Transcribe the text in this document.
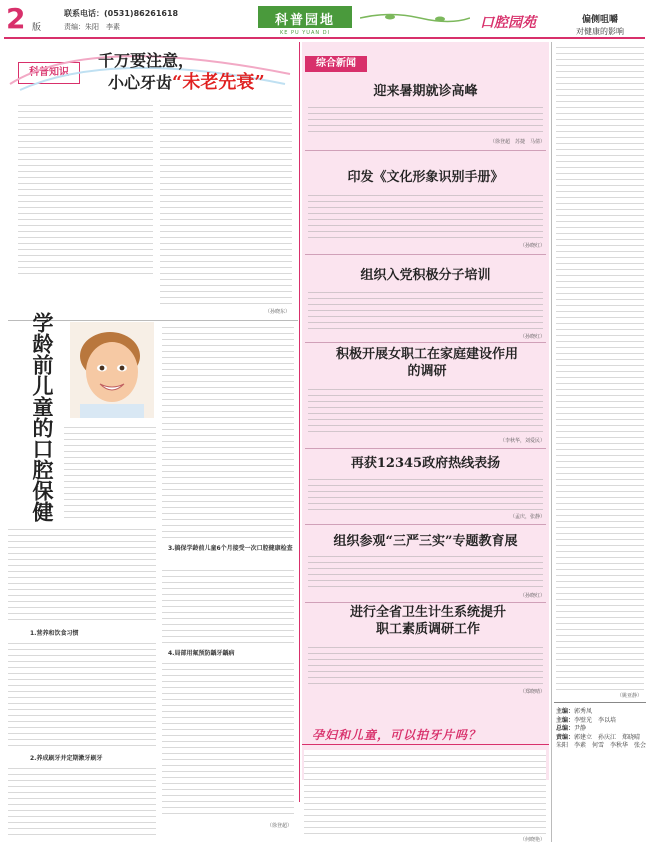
2 版
联系电话：(0531)86261618
责编：朱阳　李素	科普园地
KE PU YUAN DI
口腔园苑
科普知识
千万要注意，
小心牙齿“未老先衰”
（孙晓东）
学龄前儿童的口腔保健
1.营养和饮食习惯
2.养成刷牙并定期漱牙刷牙
3.搞保学龄前儿童6个月接受一次口腔健康检查
4.局部用氟预防龋牙龋病
（徐登超）
综合新闻
迎来暑期就诊高峰
（徐登超　苏捷　马倩）
印发《文化形象识别手册》
（孙晓红）
组织入党积极分子培训
（孙晓红）
积极开展女职工在家庭建设作用的调研
（李秋华，刘爱民）
再获12345政府热线表扬
（孟庆，张静）
组织参观“三严三实”专题教育展
（孙晓红）
进行全省卫生计生系统提升职工素质调研工作
（郑晓晴）
孕妇和儿童，可以拍牙片吗？
（何晓艳）
偏侧咀嚼
对健康的影响
（姚亚静）
主编：郭秀凤
主编：李壁光　李以培
总编：尹静
责编：郭建立　孙庆江　郑晓晴　朱阳　李素　何雪　李秋华　张会
